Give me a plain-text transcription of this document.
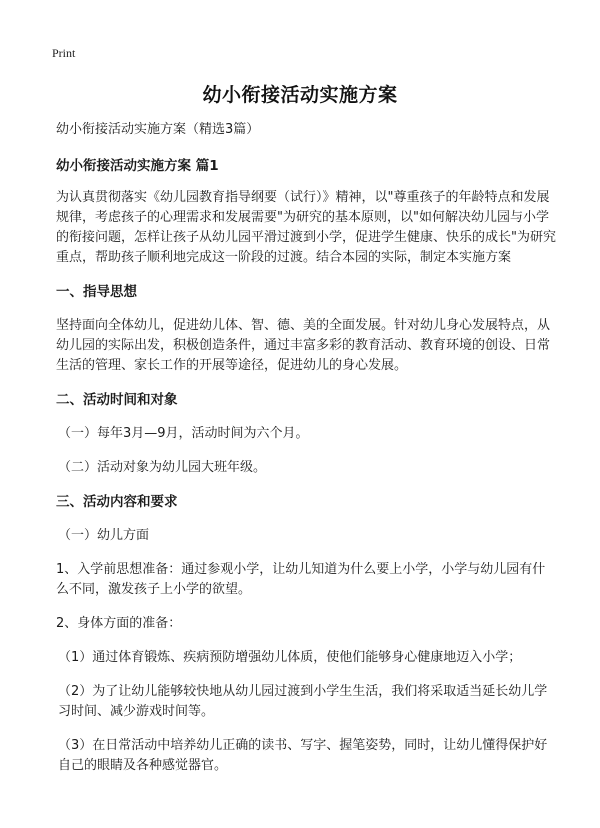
Print
幼小衔接活动实施方案

幼小衔接活动实施方案（精选3篇）

幼小衔接活动实施方案 篇1

为认真贯彻落实《幼儿园教育指导纲要（试行）》精神，以"尊重孩子的年龄特点和发展规律，考虑孩子的心理需求和发展需要"为研究的基本原则，以"如何解决幼儿园与小学的衔接问题，怎样让孩子从幼儿园平滑过渡到小学，促进学生健康、快乐的成长"为研究重点，帮助孩子顺利地完成这一阶段的过渡。结合本园的实际，制定本实施方案

一、指导思想

坚持面向全体幼儿，促进幼儿体、智、德、美的全面发展。针对幼儿身心发展特点，从幼儿园的实际出发，积极创造条件，通过丰富多彩的教育活动、教育环境的创设、日常生活的管理、家长工作的开展等途径，促进幼儿的身心发展。

二、活动时间和对象

（一）每年3月—9月，活动时间为六个月。

（二）活动对象为幼儿园大班年级。

三、活动内容和要求

（一）幼儿方面

1、入学前思想准备：通过参观小学，让幼儿知道为什么要上小学，小学与幼儿园有什么不同，激发孩子上小学的欲望。

2、身体方面的准备：

（1）通过体育锻炼、疾病预防增强幼儿体质，使他们能够身心健康地迈入小学；

（2）为了让幼儿能够较快地从幼儿园过渡到小学生生活，我们将采取适当延长幼儿学习时间、减少游戏时间等。

（3）在日常活动中培养幼儿正确的读书、写字、握笔姿势，同时，让幼儿懂得保护好自己的眼睛及各种感觉器官。
